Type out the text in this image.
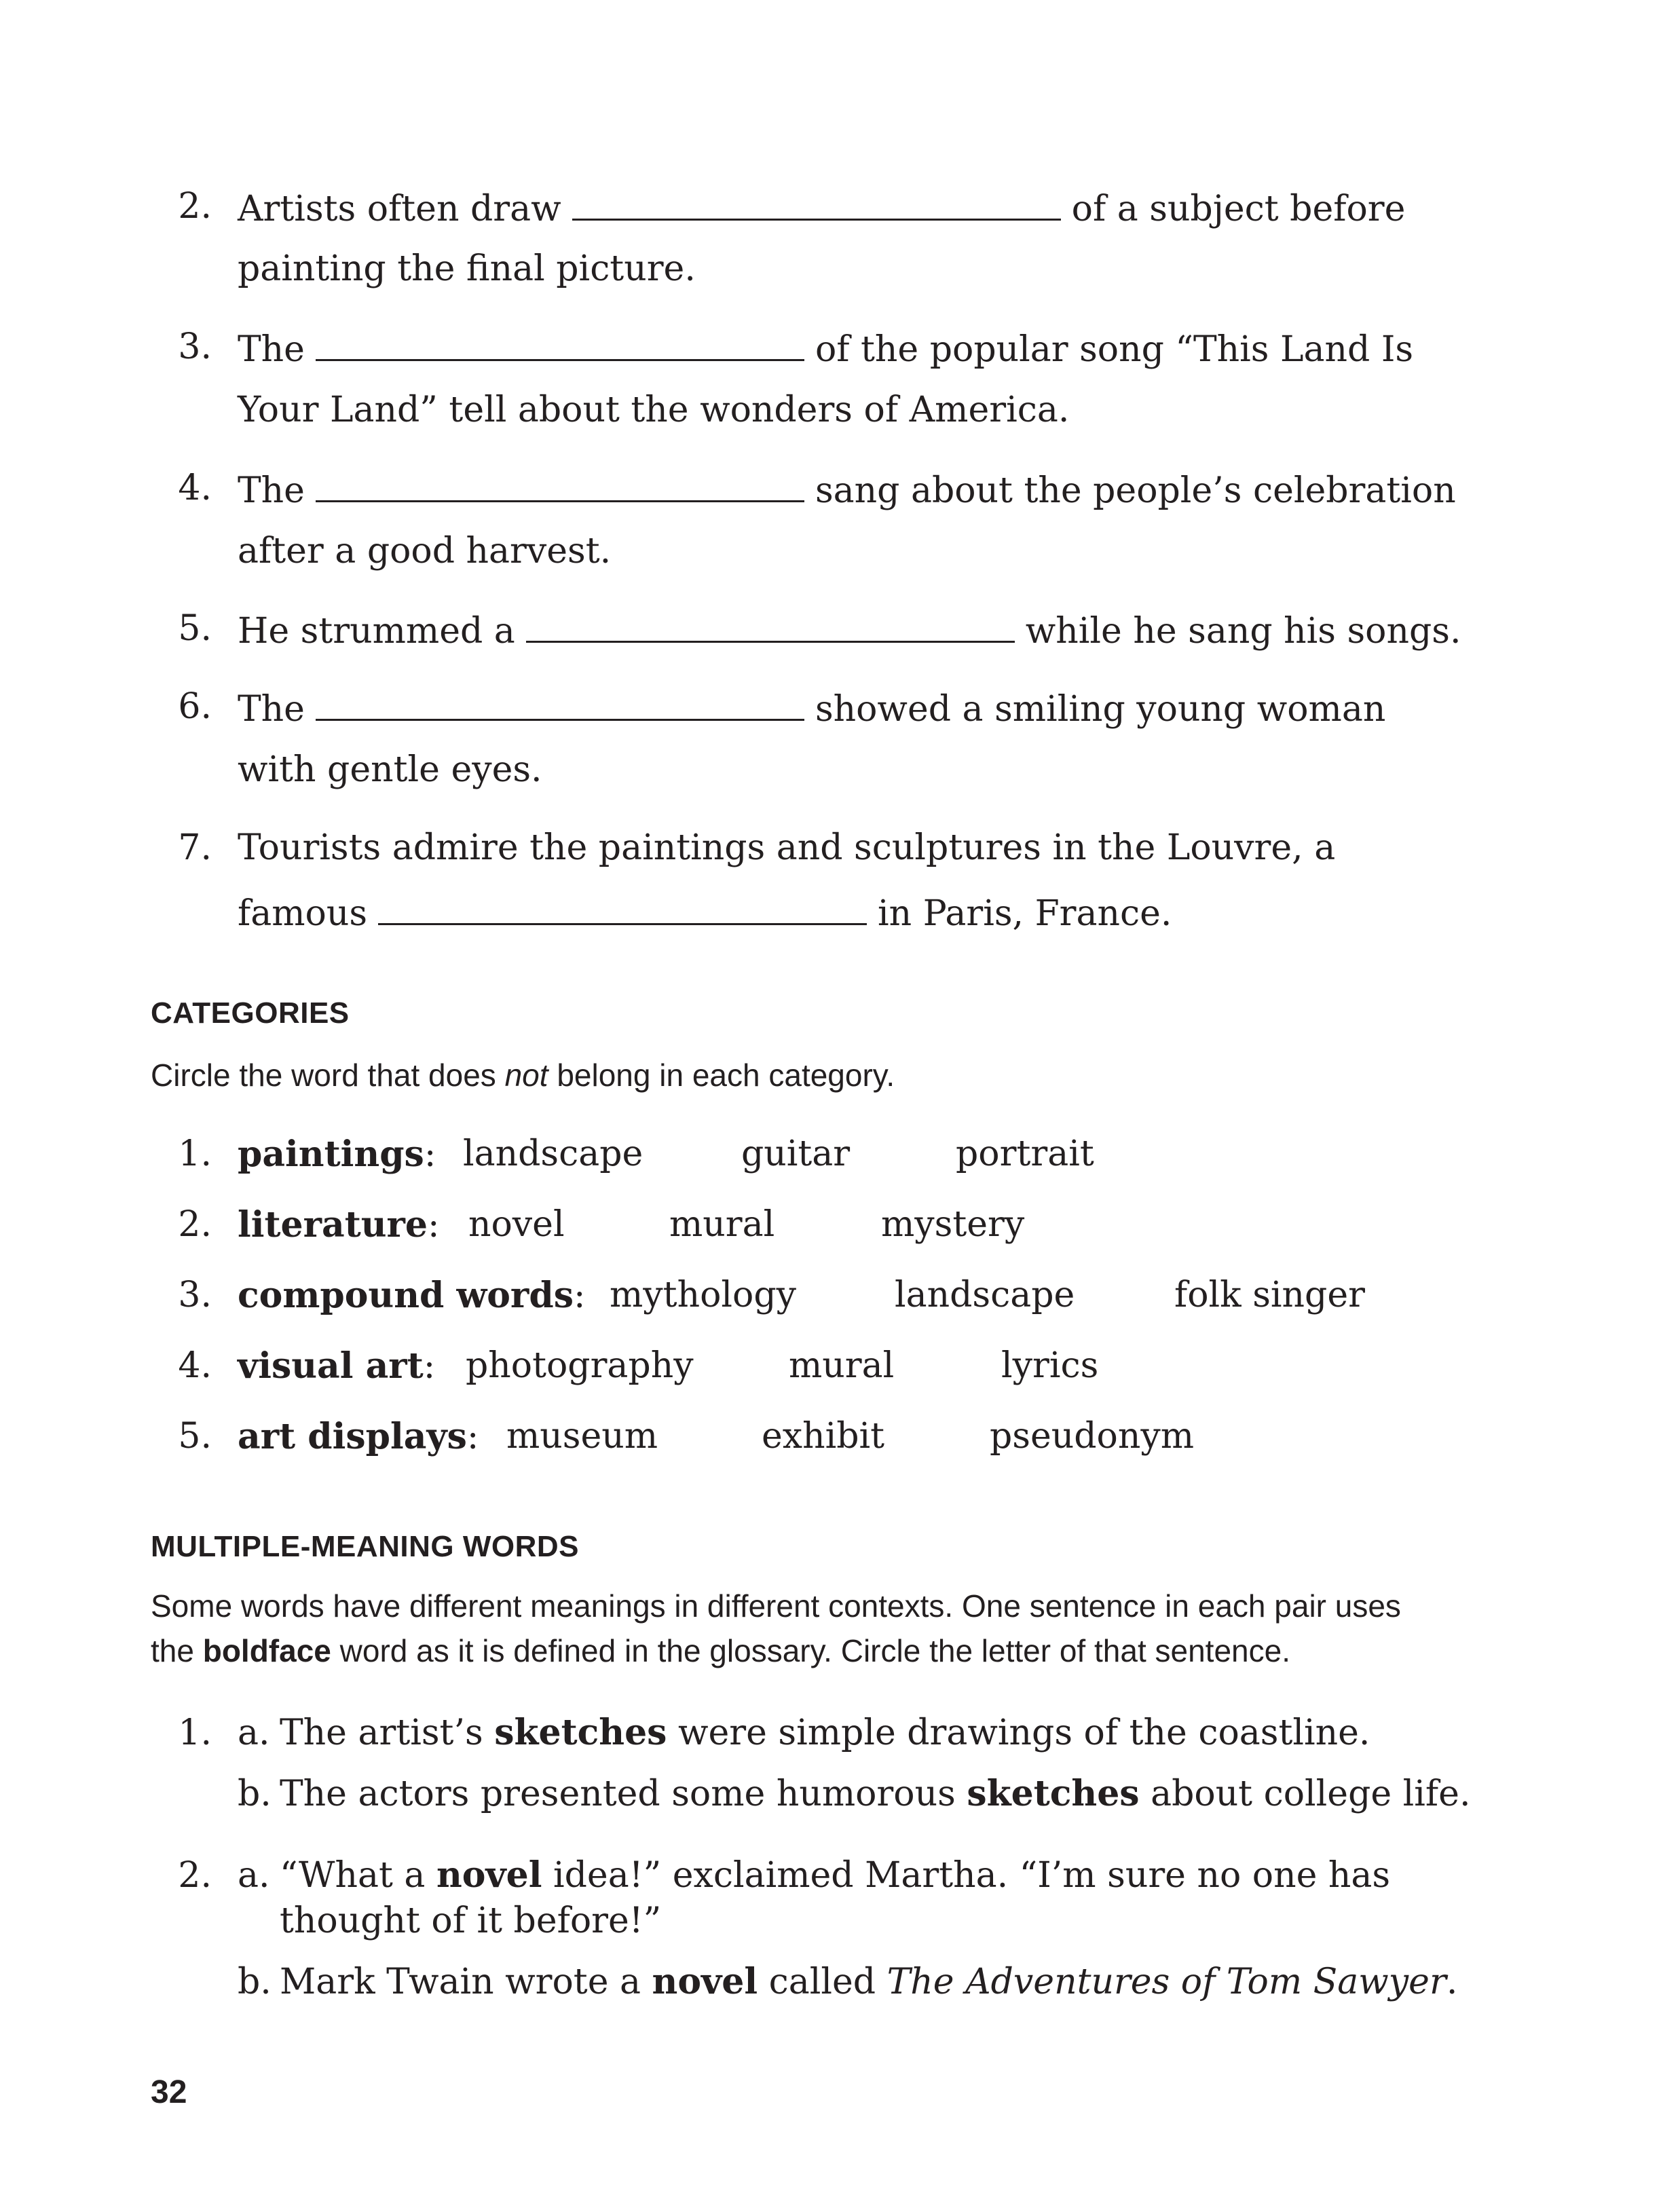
2. Artists often draw	of a subject before
painting the final picture.
3. The	of the popular song “This Land Is
Your Land” tell about the wonders of America.
4. The	sang about the people’s celebration
after a good harvest.
5. He strummed a	while he sang his songs.
6. The	showed a smiling young woman
with gentle eyes.
7. Tourists admire the paintings and sculptures in the Louvre, a
famous	in Paris, France.
CATEGORIES
Circle the word that does not belong in each category.
1. paintings: landscape	guitar	portrait
2. literature: novel	mural	mystery
3. compound words: mythology	landscape	folk singer
4. visual art: photography	mural	lyrics
5. art displays: museum	exhibit	pseudonym
MULTIPLE-MEANING WORDS
Some words have different meanings in different contexts. One sentence in each pair uses
the boldface word as it is defined in the glossary. Circle the letter of that sentence.
1. a. The artist’s sketches were simple drawings of the coastline.
b. The actors presented some humorous sketches about college life.
2. a. “What a novel idea!” exclaimed Martha. “I’m sure no one has
thought of it before!”
b. Mark Twain wrote a novel called The Adventures of Tom Sawyer.
32
